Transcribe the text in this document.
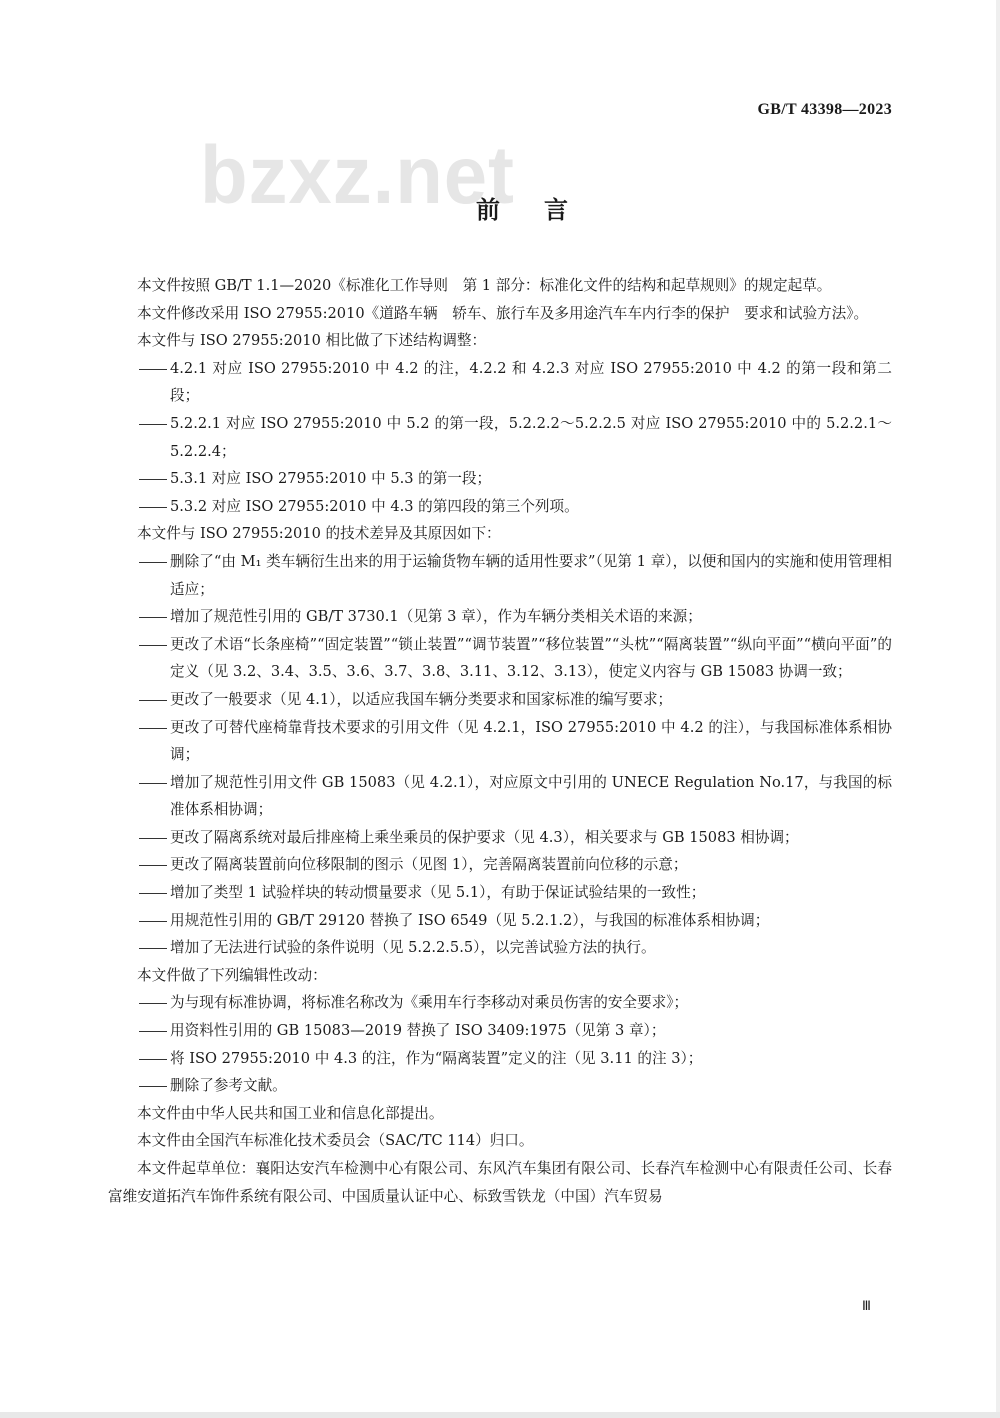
GB/T 43398—2023
bzxz.net
前言

本文件按照 GB/T 1.1—2020《标准化工作导则　第 1 部分：标准化文件的结构和起草规则》的规定起草。

本文件修改采用 ISO 27955:2010《道路车辆　轿车、旅行车及多用途汽车车内行李的保护　要求和试验方法》。

本文件与 ISO 27955:2010 相比做了下述结构调整：

4.2.1 对应 ISO 27955:2010 中 4.2 的注，4.2.2 和 4.2.3 对应 ISO 27955:2010 中 4.2 的第一段和第二段；

5.2.2.1 对应 ISO 27955:2010 中 5.2 的第一段，5.2.2.2～5.2.2.5 对应 ISO 27955:2010 中的 5.2.2.1～5.2.2.4；

5.3.1 对应 ISO 27955:2010 中 5.3 的第一段；

5.3.2 对应 ISO 27955:2010 中 4.3 的第四段的第三个列项。

本文件与 ISO 27955:2010 的技术差异及其原因如下：

删除了“由 M₁ 类车辆衍生出来的用于运输货物车辆的适用性要求”（见第 1 章），以便和国内的实施和使用管理相适应；

增加了规范性引用的 GB/T 3730.1（见第 3 章），作为车辆分类相关术语的来源；

更改了术语“长条座椅”“固定装置”“锁止装置”“调节装置”“移位装置”“头枕”“隔离装置”“纵向平面”“横向平面”的定义（见 3.2、3.4、3.5、3.6、3.7、3.8、3.11、3.12、3.13），使定义内容与 GB 15083 协调一致；

更改了一般要求（见 4.1），以适应我国车辆分类要求和国家标准的编写要求；

更改了可替代座椅靠背技术要求的引用文件（见 4.2.1，ISO 27955:2010 中 4.2 的注），与我国标准体系相协调；

增加了规范性引用文件 GB 15083（见 4.2.1），对应原文中引用的 UNECE Regulation No.17，与我国的标准体系相协调；

更改了隔离系统对最后排座椅上乘坐乘员的保护要求（见 4.3），相关要求与 GB 15083 相协调；

更改了隔离装置前向位移限制的图示（见图 1），完善隔离装置前向位移的示意；

增加了类型 1 试验样块的转动惯量要求（见 5.1），有助于保证试验结果的一致性；

用规范性引用的 GB/T 29120 替换了 ISO 6549（见 5.2.1.2），与我国的标准体系相协调；

增加了无法进行试验的条件说明（见 5.2.2.5.5），以完善试验方法的执行。

本文件做了下列编辑性改动：

为与现有标准协调，将标准名称改为《乘用车行李移动对乘员伤害的安全要求》；

用资料性引用的 GB 15083—2019 替换了 ISO 3409:1975（见第 3 章）；

将 ISO 27955:2010 中 4.3 的注，作为“隔离装置”定义的注（见 3.11 的注 3）；

删除了参考文献。

本文件由中华人民共和国工业和信息化部提出。

本文件由全国汽车标准化技术委员会（SAC/TC 114）归口。

本文件起草单位：襄阳达安汽车检测中心有限公司、东风汽车集团有限公司、长春汽车检测中心有限责任公司、长春富维安道拓汽车饰件系统有限公司、中国质量认证中心、标致雪铁龙（中国）汽车贸易

Ⅲ
